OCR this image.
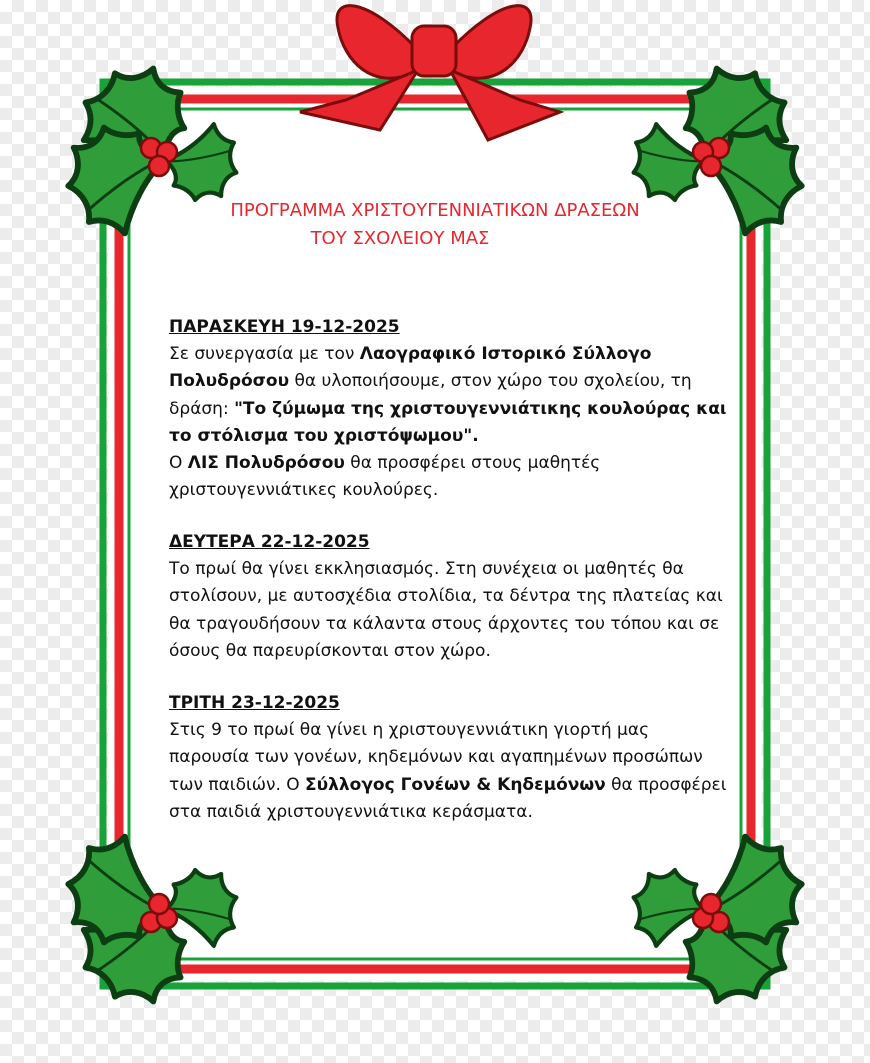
ΠΡΟΓΡΑΜΜΑ ΧΡΙΣΤΟΥΓΕΝΝΙΑΤΙΚΩΝ ΔΡΑΣΕΩΝ
ΤΟΥ ΣΧΟΛΕΙΟΥ ΜΑΣ
ΠΑΡΑΣΚΕΥΗ 19-12-2025
Σε συνεργασία με τον Λαογραφικό Ιστορικό Σύλλογο Πολυδρόσου θα υλοποιήσουμε, στον χώρο του σχολείου, τη δράση: "Το ζύμωμα της χριστουγεννιάτικης κουλούρας και το στόλισμα του χριστόψωμου".
Ο ΛΙΣ Πολυδρόσου θα προσφέρει στους μαθητές χριστουγεννιάτικες κουλούρες.
ΔΕΥΤΕΡΑ 22-12-2025
Το πρωί θα γίνει εκκλησιασμός. Στη συνέχεια οι μαθητές θα στολίσουν, με αυτοσχέδια στολίδια, τα δέντρα της πλατείας και θα τραγουδήσουν τα κάλαντα στους άρχοντες του τόπου και σε όσους θα παρευρίσκονται στον χώρο.
ΤΡΙΤΗ 23-12-2025
Στις 9 το πρωί θα γίνει η χριστουγεννιάτικη γιορτή μας παρουσία των γονέων, κηδεμόνων και αγαπημένων προσώπων των παιδιών. Ο Σύλλογος Γονέων & Κηδεμόνων θα προσφέρει στα παιδιά χριστουγεννιάτικα κεράσματα.
